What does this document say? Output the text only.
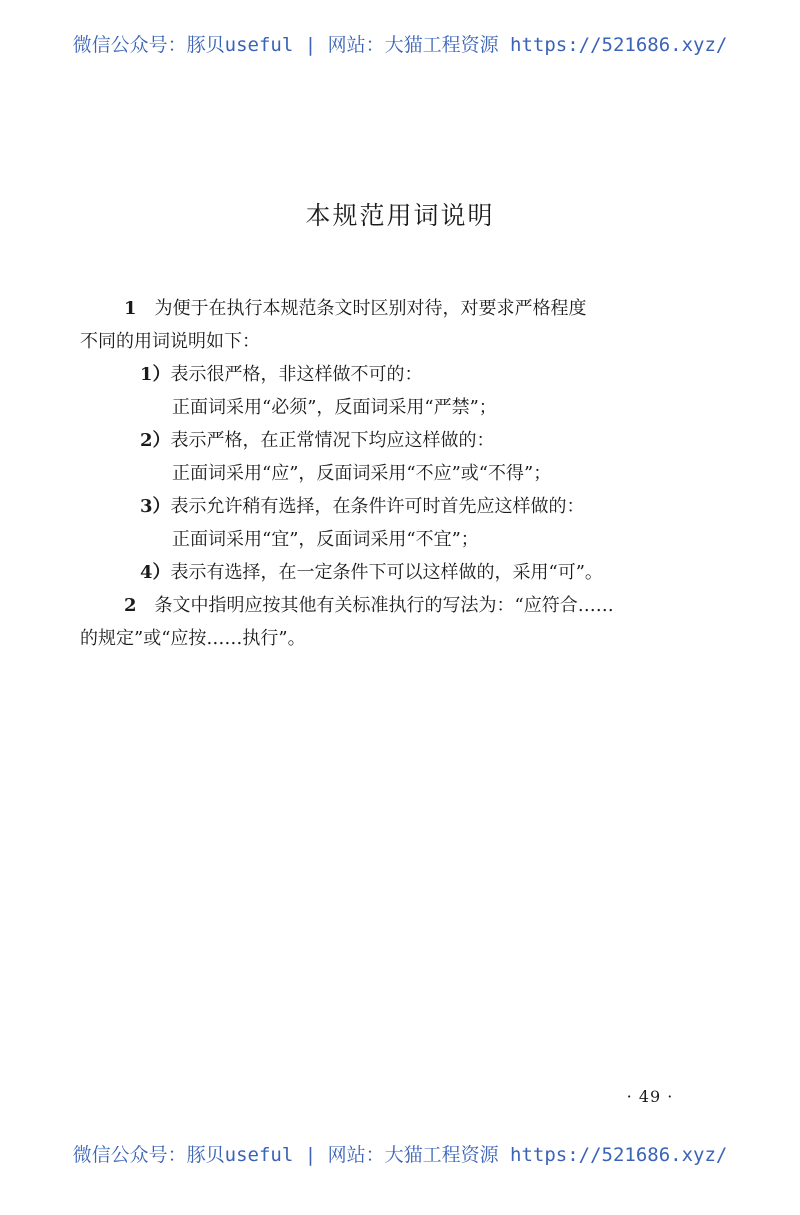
微信公众号：豚贝useful | 网站：大猫工程资源 https://521686.xyz/
本规范用词说明
1 为便于在执行本规范条文时区别对待，对要求严格程度
不同的用词说明如下：
1）表示很严格，非这样做不可的：
正面词采用“必须”，反面词采用“严禁”；
2）表示严格，在正常情况下均应这样做的：
正面词采用“应”，反面词采用“不应”或“不得”；
3）表示允许稍有选择，在条件许可时首先应这样做的：
正面词采用“宜”，反面词采用“不宜”；
4）表示有选择，在一定条件下可以这样做的，采用“可”。
2 条文中指明应按其他有关标准执行的写法为：“应符合……
的规定”或“应按……执行”。
· 49 ·
微信公众号：豚贝useful | 网站：大猫工程资源 https://521686.xyz/
